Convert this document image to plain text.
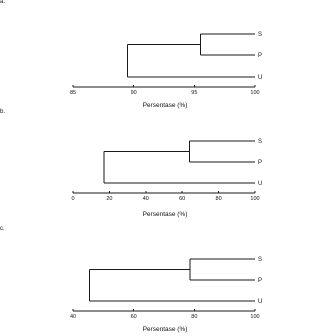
a.
S
P
U
85	90	95	100
Persentase (%)
b.
S
P
U
0	20	40	60	80	100
Persentase (%)
c.
S
P
U
40	60	80	100
Persentase (%)
